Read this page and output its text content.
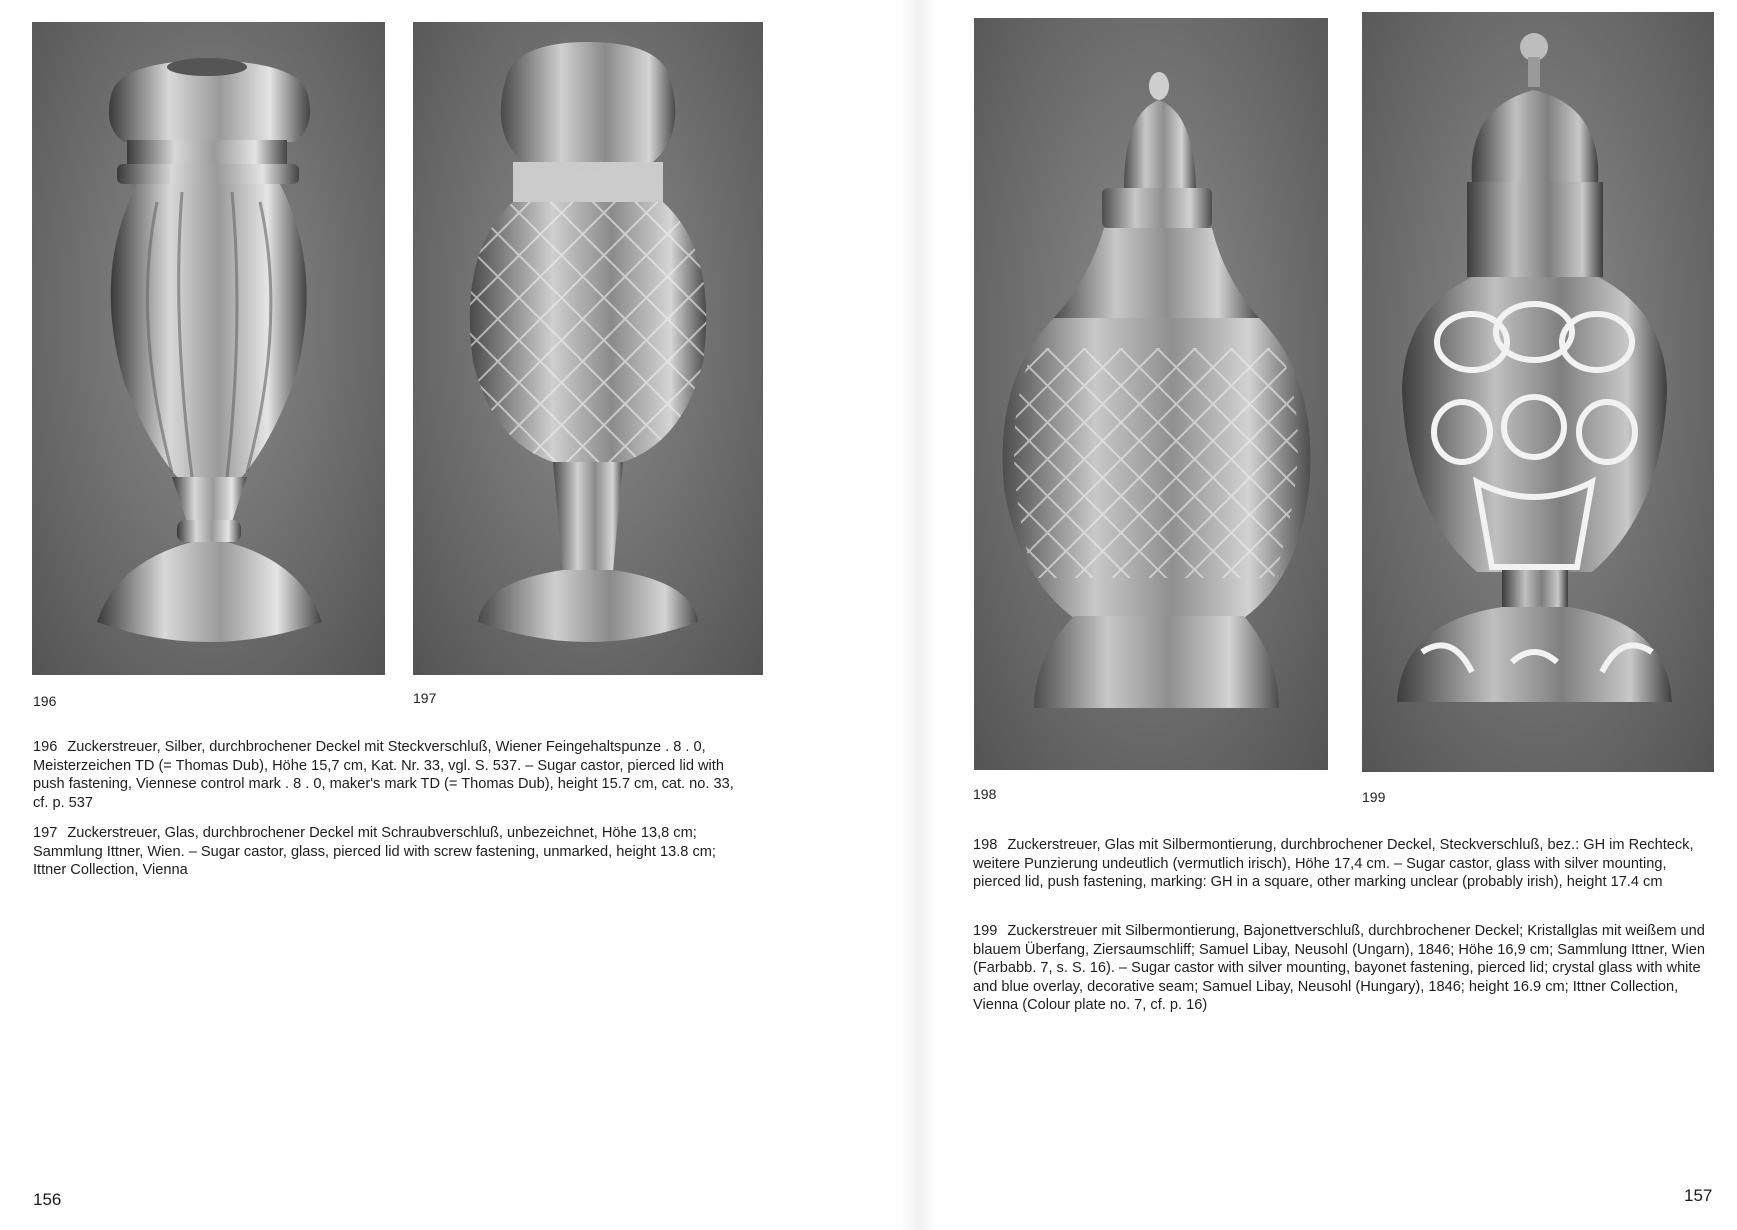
196	197

196 Zuckerstreuer, Silber, durchbrochener Deckel mit Steckverschluß, Wiener Feingehaltspunze . 8 . 0, Meisterzeichen TD (= Thomas Dub), Höhe 15,7 cm, Kat. Nr. 33, vgl. S. 537. – Sugar castor, pierced lid with push fastening, Viennese control mark . 8 . 0, maker's mark TD (= Thomas Dub), height 15.7 cm, cat. no. 33, cf. p. 537

197 Zuckerstreuer, Glas, durchbrochener Deckel mit Schraubverschluß, unbezeichnet, Höhe 13,8 cm; Sammlung Ittner, Wien. – Sugar castor, glass, pierced lid with screw fastening, unmarked, height 13.8 cm; Ittner Collection, Vienna

156
198	199

198 Zuckerstreuer, Glas mit Silbermontierung, durchbrochener Deckel, Steckverschluß, bez.: GH im Rechteck, weitere Punzierung undeutlich (vermutlich irisch), Höhe 17,4 cm. – Sugar castor, glass with silver mounting, pierced lid, push fastening, marking: GH in a square, other marking unclear (probably irish), height 17.4 cm

199 Zuckerstreuer mit Silbermontierung, Bajonettverschluß, durchbrochener Deckel; Kristallglas mit weißem und blauem Überfang, Ziersaumschliff; Samuel Libay, Neusohl (Ungarn), 1846; Höhe 16,9 cm; Sammlung Ittner, Wien (Farbabb. 7, s. S. 16). – Sugar castor with silver mounting, bayonet fastening, pierced lid; crystal glass with white and blue overlay, decorative seam; Samuel Libay, Neusohl (Hungary), 1846; height 16.9 cm; Ittner Collection, Vienna (Colour plate no. 7, cf. p. 16)

157
